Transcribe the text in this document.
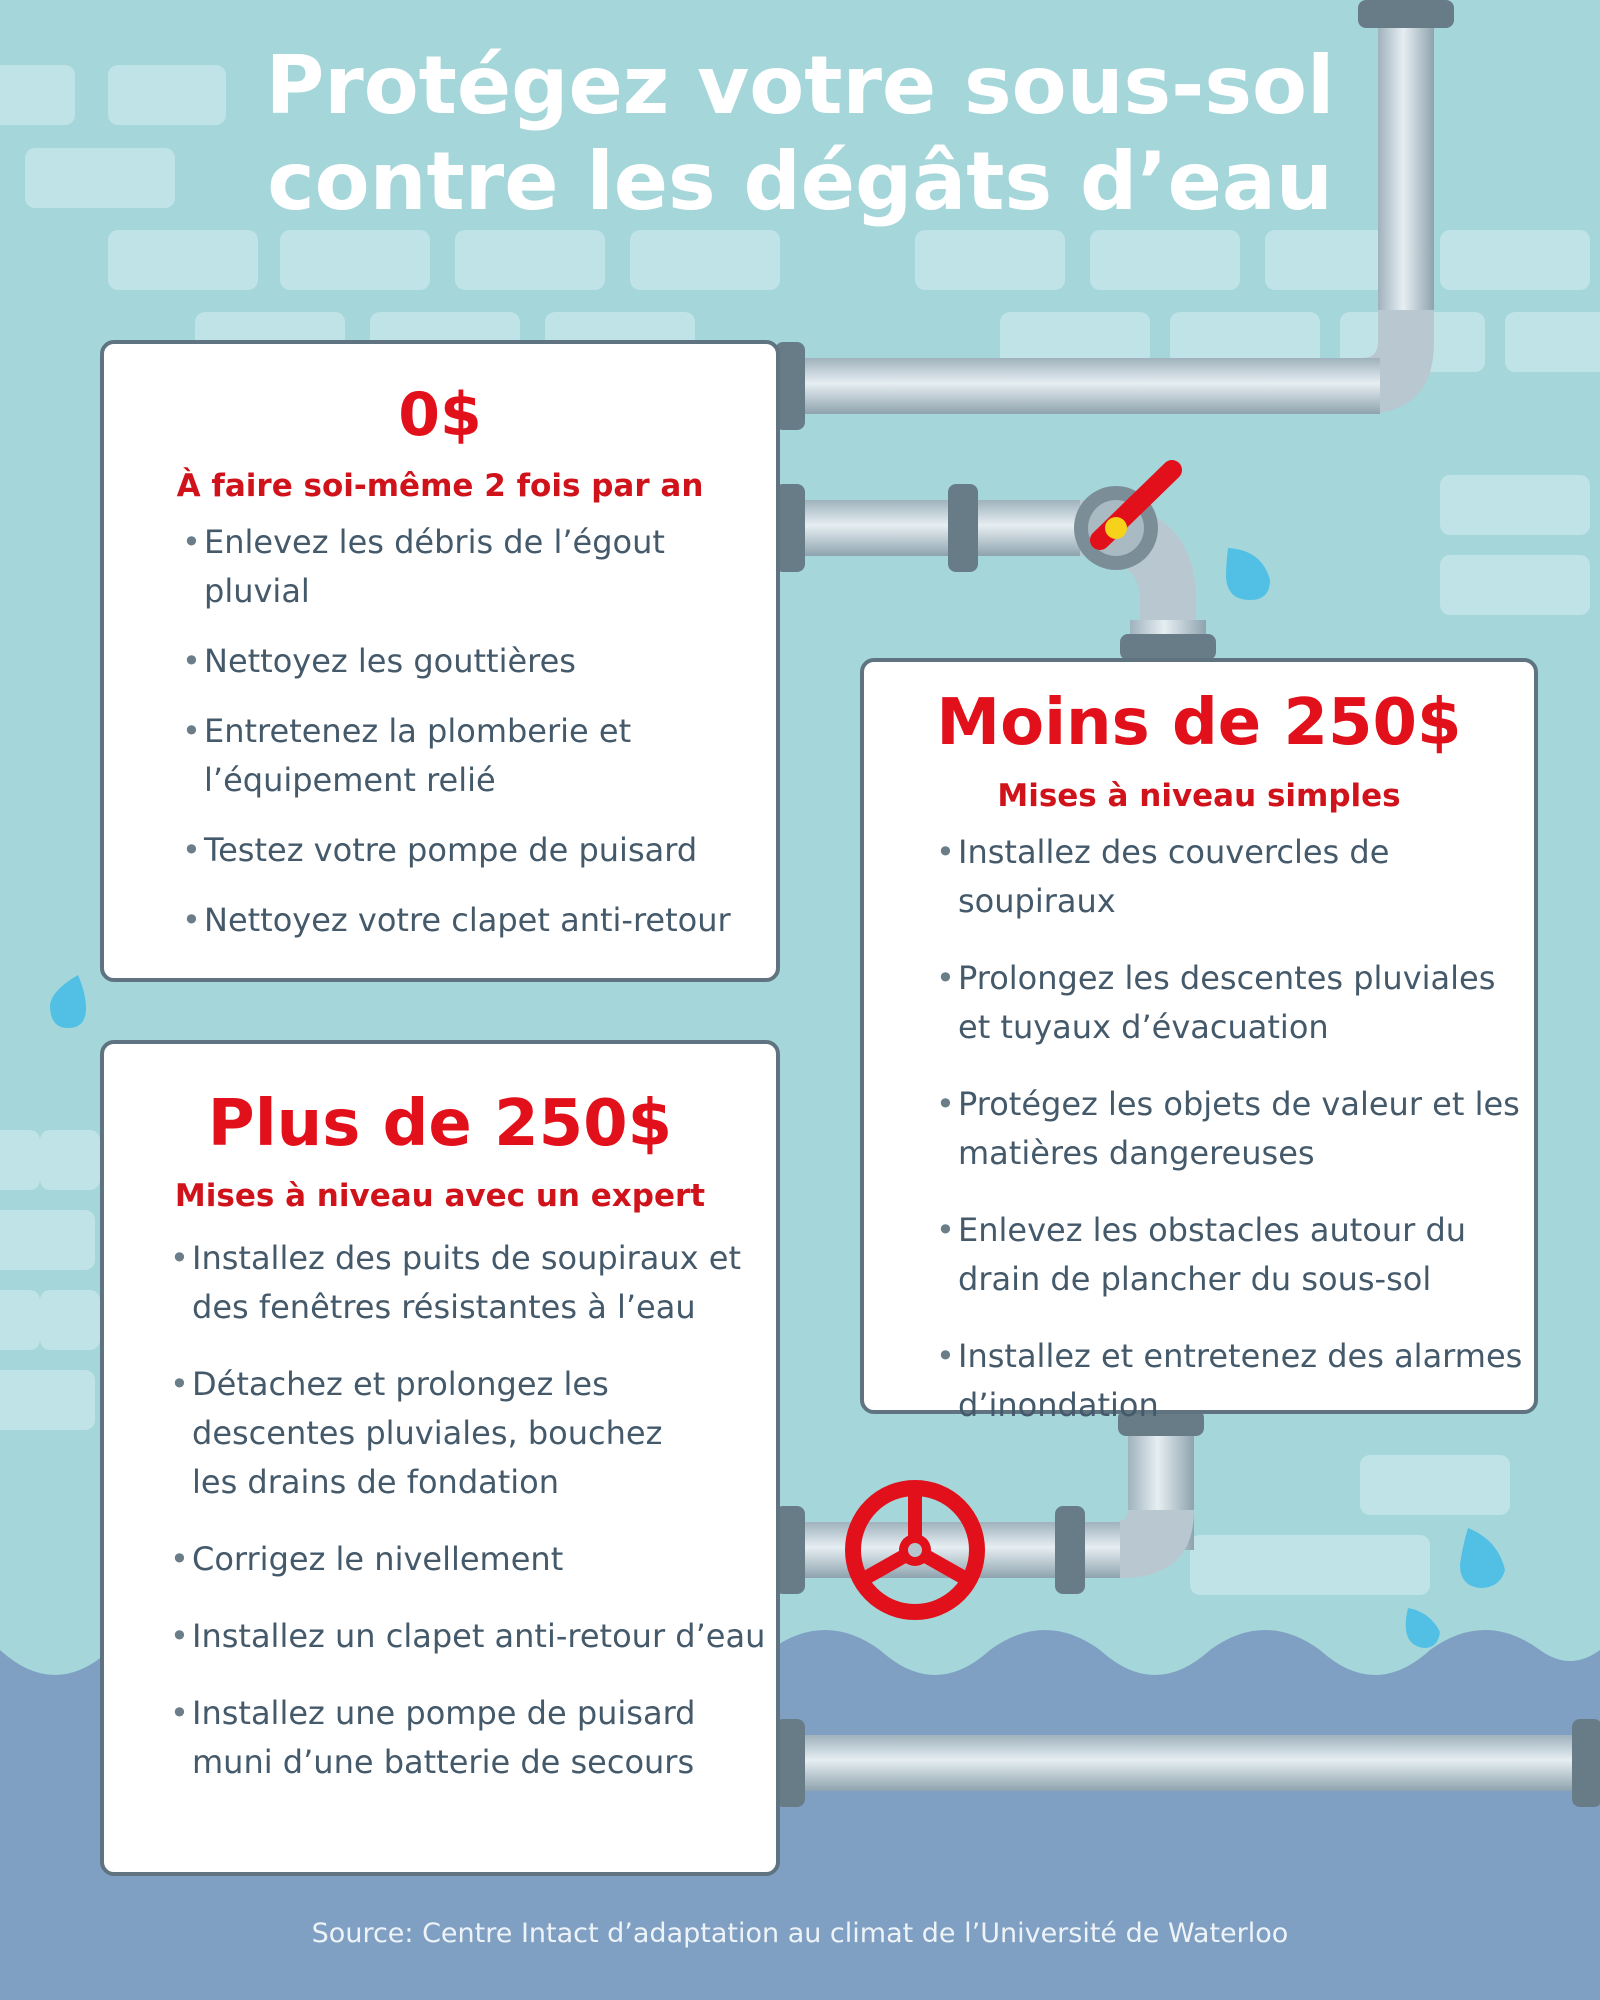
Protégez votre sous-sol
contre les dégâts d’eau
0$
À faire soi-même 2 fois par an
• Enlevez les débris de l’égout pluvial
• Nettoyez les gouttières
• Entretenez la plomberie et l’équipement relié
• Testez votre pompe de puisard
• Nettoyez votre clapet anti-retour
Moins de 250$
Mises à niveau simples
• Installez des couvercles de soupiraux
• Prolongez les descentes pluviales et tuyaux d’évacuation
• Protégez les objets de valeur et les matières dangereuses
• Enlevez les obstacles autour du drain de plancher du sous-sol
• Installez et entretenez des alarmes d’inondation
Plus de 250$
Mises à niveau avec un expert
• Installez des puits de soupiraux et des fenêtres résistantes à l’eau
• Détachez et prolongez les descentes pluviales, bouchez les drains de fondation
• Corrigez le nivellement
• Installez un clapet anti-retour d’eau
• Installez une pompe de puisard muni d’une batterie de secours
Source: Centre Intact d’adaptation au climat de l’Université de Waterloo
